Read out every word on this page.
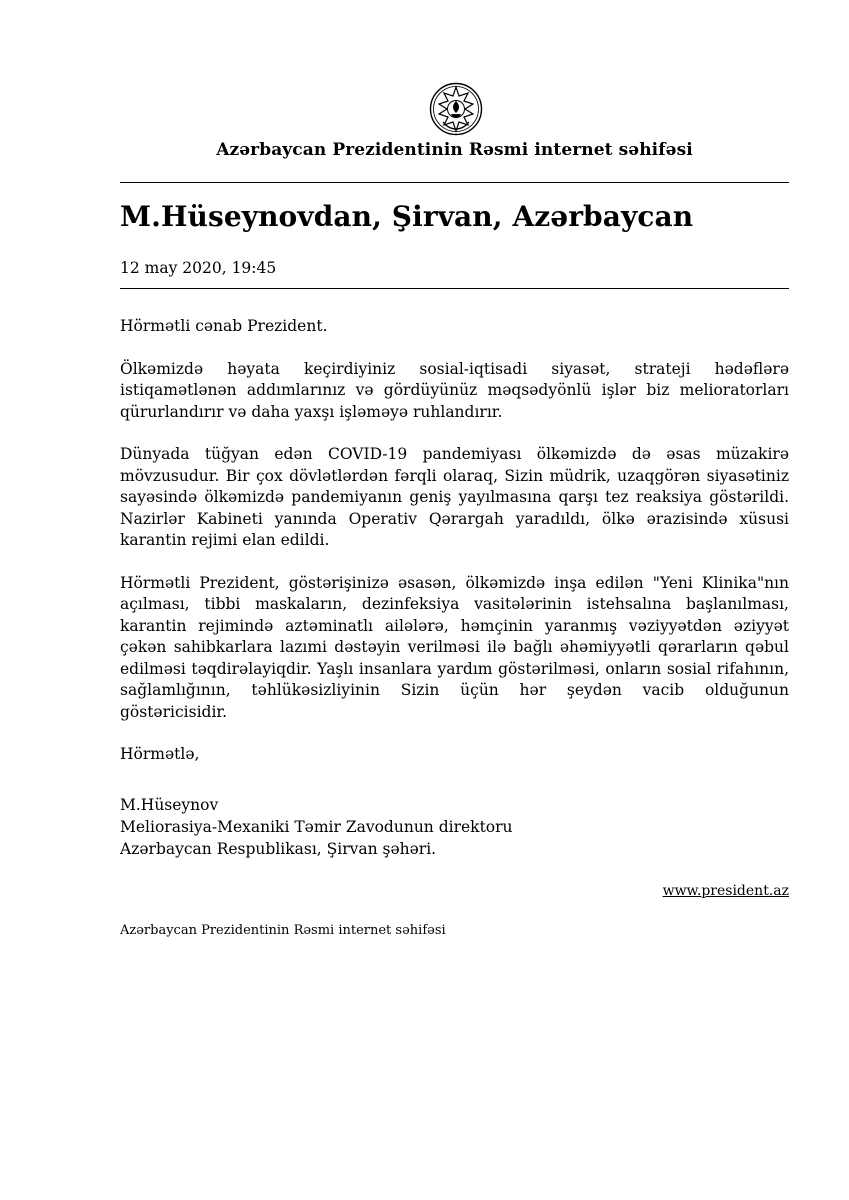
Azərbaycan Prezidentinin Rəsmi internet səhifəsi
M.Hüseynovdan, Şirvan, Azərbaycan
12 may 2020, 19:45

Hörmətli cənab Prezident.

Ölkəmizdə həyata keçirdiyiniz sosial-iqtisadi siyasət, strateji hədəflərə istiqamətlənən addımlarınız və gördüyünüz məqsədyönlü işlər biz melioratorları qürurlandırır və daha yaxşı işləməyə ruhlandırır.

Dünyada tüğyan edən COVID-19 pandemiyası ölkəmizdə də əsas müzakirə mövzusudur. Bir çox dövlətlərdən fərqli olaraq, Sizin müdrik, uzaqgörən siyasətiniz sayəsində ölkəmizdə pandemiyanın geniş yayılmasına qarşı tez reaksiya göstərildi. Nazirlər Kabineti yanında Operativ Qərargah yaradıldı, ölkə ərazisində xüsusi karantin rejimi elan edildi.

Hörmətli Prezident, göstərişinizə əsasən, ölkəmizdə inşa edilən "Yeni Klinika"nın açılması, tibbi maskaların, dezinfeksiya vasitələrinin istehsalına başlanılması, karantin rejimində aztəminatlı ailələrə, həmçinin yaranmış vəziyyətdən əziyyət çəkən sahibkarlara lazımi dəstəyin verilməsi ilə bağlı əhəmiyyətli qərarların qəbul edilməsi təqdirəlayiqdir. Yaşlı insanlara yardım göstərilməsi, onların sosial rifahının, sağlamlığının, təhlükəsizliyinin Sizin üçün hər şeydən vacib olduğunun göstəricisidir.

Hörmətlə,

M.Hüseynov
Meliorasiya-Mexaniki Təmir Zavodunun direktoru
Azərbaycan Respublikası, Şirvan şəhəri.
www.president.az
Azərbaycan Prezidentinin Rəsmi internet səhifəsi
